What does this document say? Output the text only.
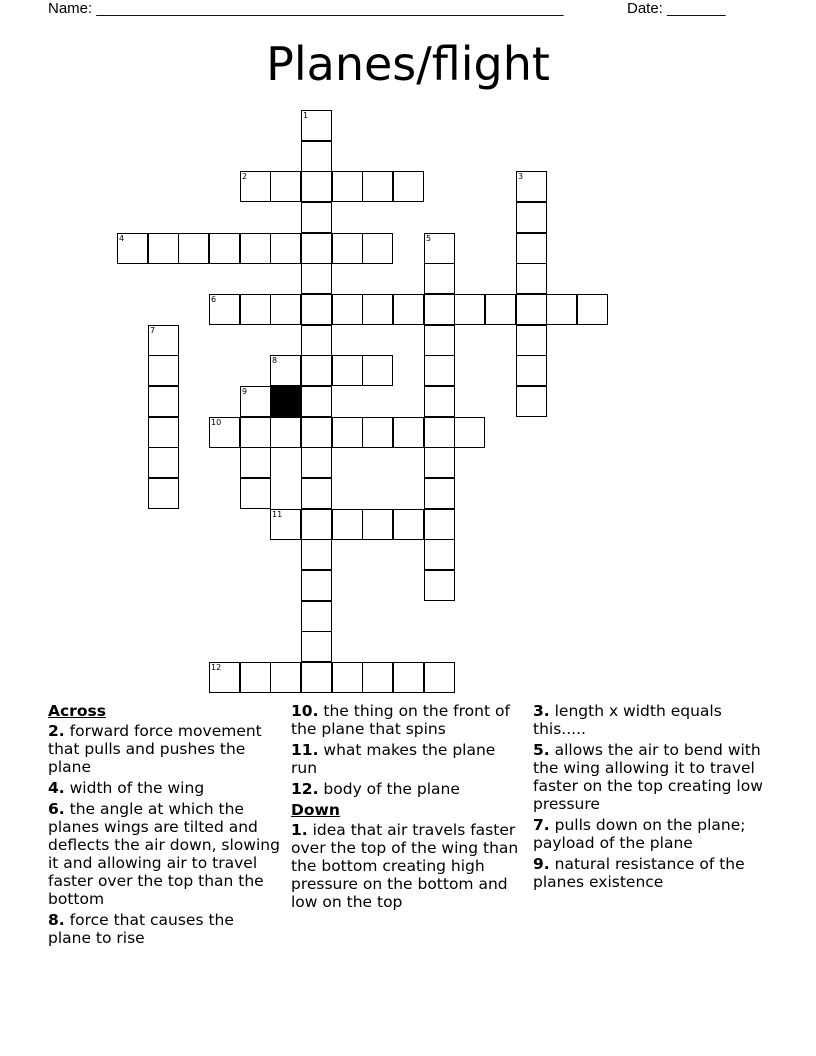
Name: ________________________________________________________	Date: _______
Planes/flight
1
2	3
4	5
6
7
8
9
10
11
12
Across
2. forward force movement that pulls and pushes the plane
4. width of the wing
6. the angle at which the planes wings are tilted and deflects the air down, slowing it and allowing air to travel faster over the top than the bottom
8. force that causes the plane to rise
10. the thing on the front of the plane that spins
11. what makes the plane run
12. body of the plane
Down
1. idea that air travels faster over the top of the wing than the bottom creating high pressure on the bottom and low on the top
3. length x width equals this.....
5. allows the air to bend with the wing allowing it to travel faster on the top creating low pressure
7. pulls down on the plane; payload of the plane
9. natural resistance of the planes existence
